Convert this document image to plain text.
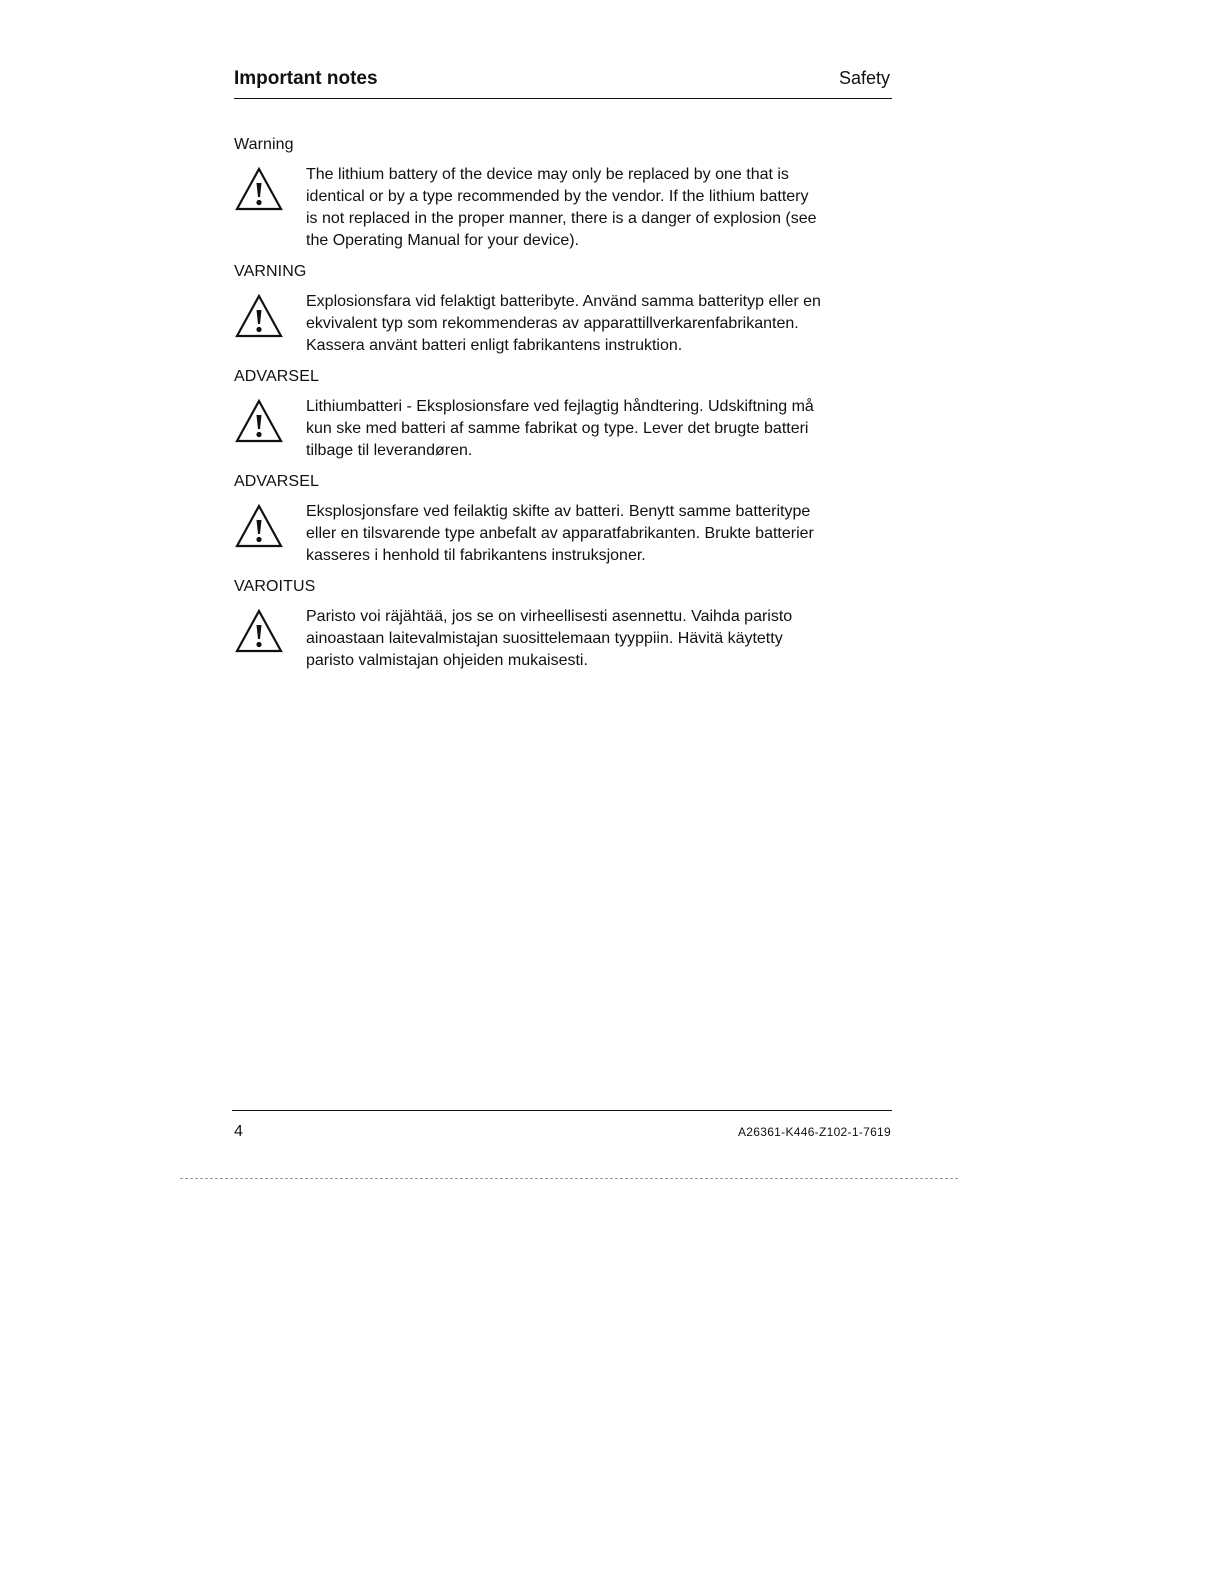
Important notes	Safety
Warning
The lithium battery of the device may only be replaced by one that is
identical or by a type recommended by the vendor. If the lithium battery
is not replaced in the proper manner, there is a danger of explosion (see
the Operating Manual for your device).
VARNING
Explosionsfara vid felaktigt batteribyte. Använd samma batterityp eller en
ekvivalent typ som rekommenderas av apparattillverkarenfabrikanten.
Kassera använt batteri enligt fabrikantens instruktion.
ADVARSEL
Lithiumbatteri - Eksplosionsfare ved fejlagtig håndtering. Udskiftning må
kun ske med batteri af samme fabrikat og type. Lever det brugte batteri
tilbage til leverandøren.
ADVARSEL
Eksplosjonsfare ved feilaktig skifte av batteri. Benytt samme batteritype
eller en tilsvarende type anbefalt av apparatfabrikanten. Brukte batterier
kasseres i henhold til fabrikantens instruksjoner.
VAROITUS
Paristo voi räjähtää, jos se on virheellisesti asennettu. Vaihda paristo
ainoastaan laitevalmistajan suosittelemaan tyyppiin. Hävitä käytetty
paristo valmistajan ohjeiden mukaisesti.
4	A26361-K446-Z102-1-7619
